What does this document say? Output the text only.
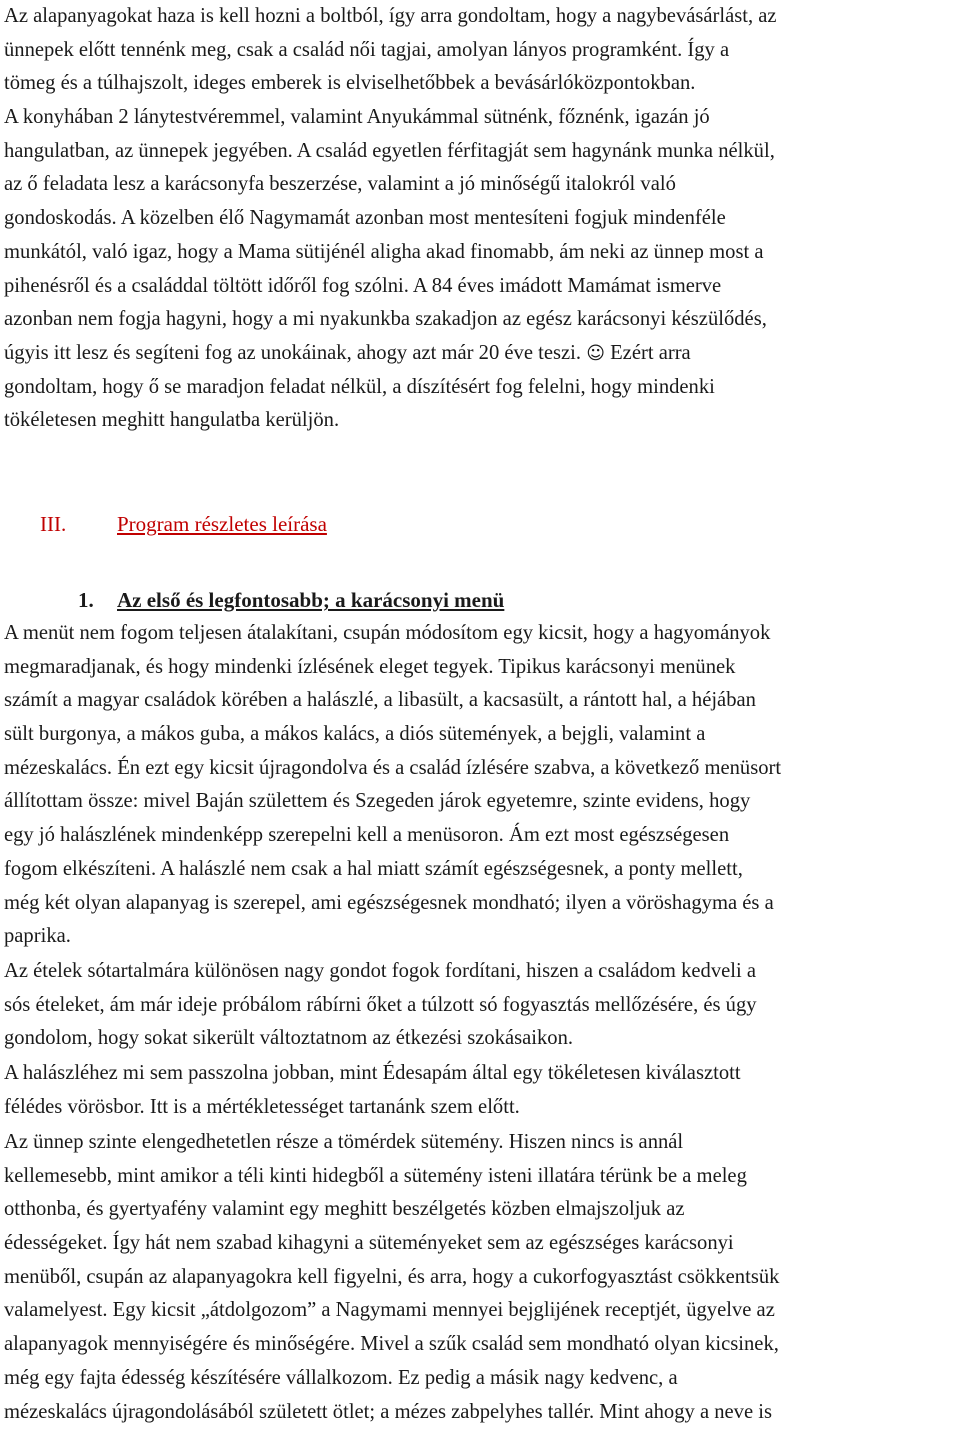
Az alapanyagokat haza is kell hozni a boltból, így arra gondoltam, hogy a nagybevásárlást, az
ünnepek előtt tennénk meg, csak a család női tagjai, amolyan lányos programként. Így a
tömeg és a túlhajszolt, ideges emberek is elviselhetőbbek a bevásárlóközpontokban.
A konyhában 2 lánytestvéremmel, valamint Anyukámmal sütnénk, főznénk, igazán jó
hangulatban, az ünnepek jegyében. A család egyetlen férfitagját sem hagynánk munka nélkül,
az ő feladata lesz a karácsonyfa beszerzése, valamint a jó minőségű italokról való
gondoskodás. A közelben élő Nagymamát azonban most mentesíteni fogjuk mindenféle
munkától, való igaz, hogy a Mama sütijénél aligha akad finomabb, ám neki az ünnep most a
pihenésről és a családdal töltött időről fog szólni. A 84 éves imádott Mamámat ismerve
azonban nem fogja hagyni, hogy a mi nyakunkba szakadjon az egész karácsonyi készülődés,
úgyis itt lesz és segíteni fog az unokáinak, ahogy azt már 20 éve teszi. ☺ Ezért arra
gondoltam, hogy ő se maradjon feladat nélkül, a díszítésért fog felelni, hogy mindenki
tökéletesen meghitt hangulatba kerüljön.
III. Program részletes leírása
1. Az első és legfontosabb; a karácsonyi menü
A menüt nem fogom teljesen átalakítani, csupán módosítom egy kicsit, hogy a hagyományok
megmaradjanak, és hogy mindenki ízlésének eleget tegyek. Tipikus karácsonyi menünek
számít a magyar családok körében a halászlé, a libasült, a kacsasült, a rántott hal, a héjában
sült burgonya, a mákos guba, a mákos kalács, a diós sütemények, a bejgli, valamint a
mézeskalács. Én ezt egy kicsit újragondolva és a család ízlésére szabva, a következő menüsort
állítottam össze: mivel Baján születtem és Szegeden járok egyetemre, szinte evidens, hogy
egy jó halászlének mindenképp szerepelni kell a menüsoron. Ám ezt most egészségesen
fogom elkészíteni. A halászlé nem csak a hal miatt számít egészségesnek, a ponty mellett,
még két olyan alapanyag is szerepel, ami egészségesnek mondható; ilyen a vöröshagyma és a
paprika.
Az ételek sótartalmára különösen nagy gondot fogok fordítani, hiszen a családom kedveli a
sós ételeket, ám már ideje próbálom rábírni őket a túlzott só fogyasztás mellőzésére, és úgy
gondolom, hogy sokat sikerült változtatnom az étkezési szokásaikon.
A halászléhez mi sem passzolna jobban, mint Édesapám által egy tökéletesen kiválasztott
félédes vörösbor. Itt is a mértékletességet tartanánk szem előtt.
Az ünnep szinte elengedhetetlen része a tömérdek sütemény. Hiszen nincs is annál
kellemesebb, mint amikor a téli kinti hidegből a sütemény isteni illatára térünk be a meleg
otthonba, és gyertyafény valamint egy meghitt beszélgetés közben elmajszoljuk az
édességeket. Így hát nem szabad kihagyni a süteményeket sem az egészséges karácsonyi
menüből, csupán az alapanyagokra kell figyelni, és arra, hogy a cukorfogyasztást csökkentsük
valamelyest. Egy kicsit „átdolgozom” a Nagymami mennyei bejglijének receptjét, ügyelve az
alapanyagok mennyiségére és minőségére. Mivel a szűk család sem mondható olyan kicsinek,
még egy fajta édesség készítésére vállalkozom. Ez pedig a másik nagy kedvenc, a
mézeskalács újragondolásából született ötlet; a mézes zabpelyhes tallér. Mint ahogy a neve is
